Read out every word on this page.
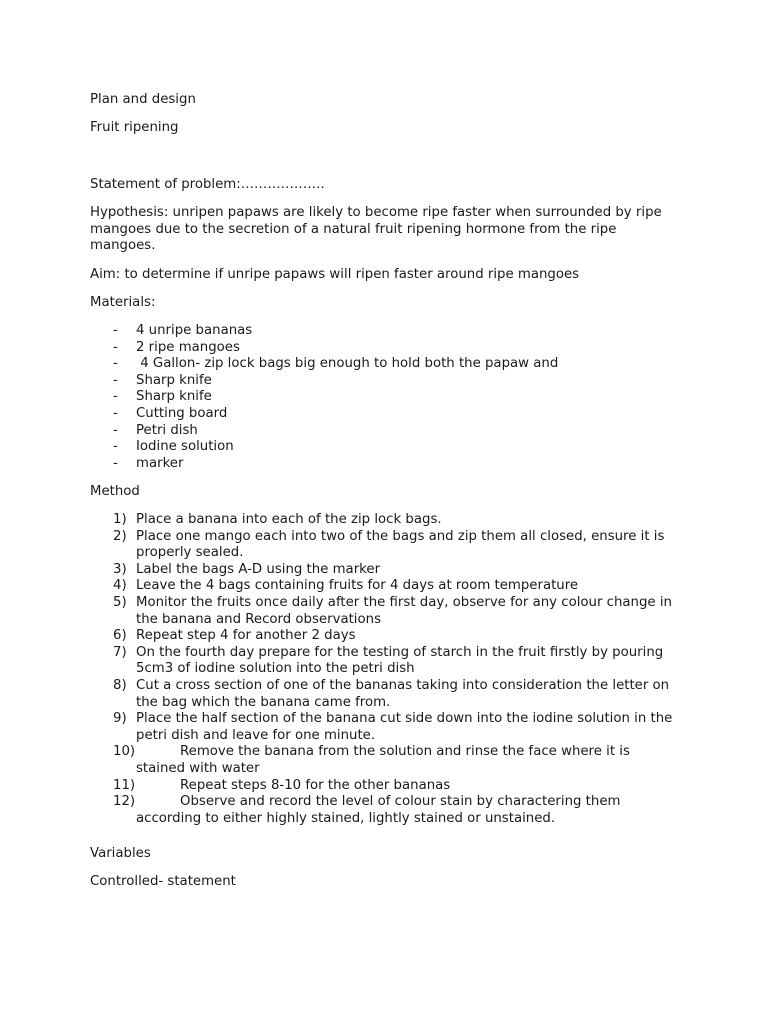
Plan and design

Fruit ripening

Statement of problem:……………….

Hypothesis: unripen papaws are likely to become ripe faster when surrounded by ripe mangoes due to the secretion of a natural fruit ripening hormone from the ripe mangoes.

Aim: to determine if unripe papaws will ripen faster around ripe mangoes

Materials:

- 4 unripe bananas
- 2 ripe mangoes
- 4 Gallon- zip lock bags big enough to hold both the papaw and
- Sharp knife
- Sharp knife
- Cutting board
- Petri dish
- Iodine solution
- marker

Method

1) Place a banana into each of the zip lock bags.
2) Place one mango each into two of the bags and zip them all closed, ensure it is properly sealed.
3) Label the bags A-D using the marker
4) Leave the 4 bags containing fruits for 4 days at room temperature
5) Monitor the fruits once daily after the first day, observe for any colour change in the banana and Record observations
6) Repeat step 4 for another 2 days
7) On the fourth day prepare for the testing of starch in the fruit firstly by pouring 5cm3 of iodine solution into the petri dish
8) Cut a cross section of one of the bananas taking into consideration the letter on the bag which the banana came from.
9) Place the half section of the banana cut side down into the iodine solution in the petri dish and leave for one minute.
10)	Remove the banana from the solution and rinse the face where it is stained with water
11)	Repeat steps 8-10 for the other bananas
12)	Observe and record the level of colour stain by charactering them according to either highly stained, lightly stained or unstained.

Variables

Controlled- statement
